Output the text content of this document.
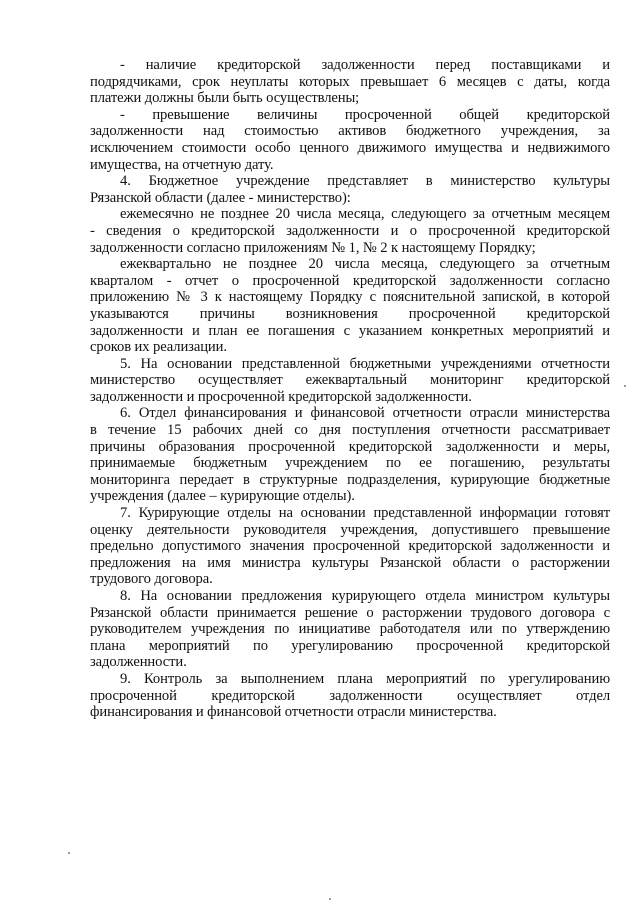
- наличие кредиторской задолженности перед поставщиками и
подрядчиками, срок неуплаты которых превышает 6 месяцев с даты, когда
платежи должны были быть осуществлены;
- превышение величины просроченной общей кредиторской
задолженности над стоимостью активов бюджетного учреждения, за
исключением стоимости особо ценного движимого имущества и недвижимого
имущества, на отчетную дату.
4. Бюджетное учреждение представляет в министерство культуры
Рязанской области (далее - министерство):
ежемесячно не позднее 20 числа месяца, следующего за отчетным месяцем
- сведения о кредиторской задолженности и о просроченной кредиторской
задолженности согласно приложениям № 1, № 2 к настоящему Порядку;
ежеквартально не позднее 20 числа месяца, следующего за отчетным
кварталом - отчет о просроченной кредиторской задолженности согласно
приложению № 3 к настоящему Порядку с пояснительной запиской, в которой
указываются причины возникновения просроченной кредиторской
задолженности и план ее погашения с указанием конкретных мероприятий и
сроков их реализации.
5. На основании представленной бюджетными учреждениями отчетности
министерство осуществляет ежеквартальный мониторинг кредиторской
задолженности и просроченной кредиторской задолженности.
6. Отдел финансирования и финансовой отчетности отрасли министерства
в течение 15 рабочих дней со дня поступления отчетности рассматривает
причины образования просроченной кредиторской задолженности и меры,
принимаемые бюджетным учреждением по ее погашению, результаты
мониторинга передает в структурные подразделения, курирующие бюджетные
учреждения (далее – курирующие отделы).
7. Курирующие отделы на основании представленной информации готовят
оценку деятельности руководителя учреждения, допустившего превышение
предельно допустимого значения просроченной кредиторской задолженности и
предложения на имя министра культуры Рязанской области о расторжении
трудового договора.
8. На основании предложения курирующего отдела министром культуры
Рязанской области принимается решение о расторжении трудового договора с
руководителем учреждения по инициативе работодателя или по утверждению
плана мероприятий по урегулированию просроченной кредиторской
задолженности.
9. Контроль за выполнением плана мероприятий по урегулированию
просроченной кредиторской задолженности осуществляет отдел
финансирования и финансовой отчетности отрасли министерства.
